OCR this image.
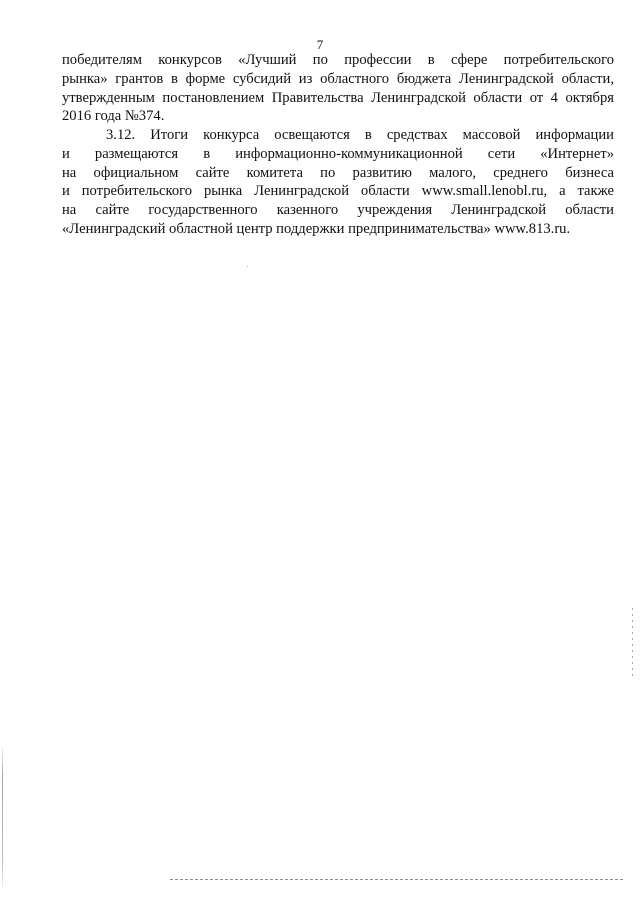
7
победителям конкурсов «Лучший по профессии в сфере потребительского
рынка» грантов в форме субсидий из областного бюджета Ленинградской области,
утвержденным постановлением Правительства Ленинградской области от 4 октября
2016 года №374.
3.12. Итоги конкурса освещаются в средствах массовой информации
и размещаются в информационно-коммуникационной сети «Интернет»
на официальном сайте комитета по развитию малого, среднего бизнеса
и потребительского рынка Ленинградской области www.small.lenobl.ru, а также
на сайте государственного казенного учреждения Ленинградской области
«Ленинградский областной центр поддержки предпринимательства» www.813.ru.
